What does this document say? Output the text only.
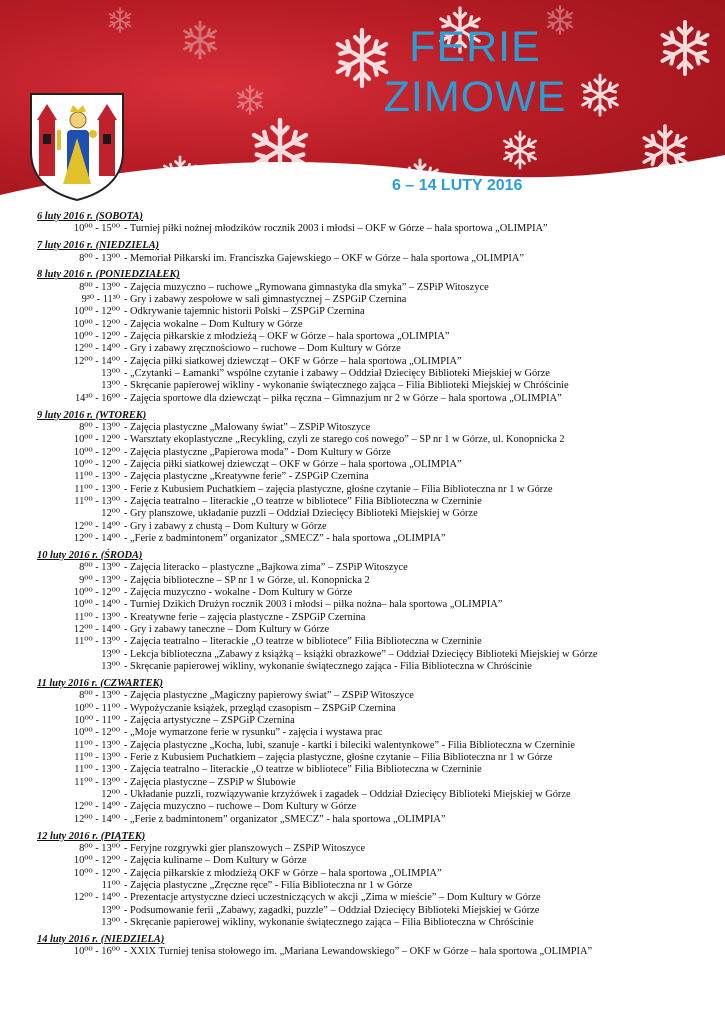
FERIE
ZIMOWE
6 – 14 LUTY 2016
6 luty 2016 r. (SOBOTA)
10⁰⁰ - 15⁰⁰ - Turniej piłki nożnej młodzików rocznik 2003 i młodsi – OKF w Górze – hala sportowa „OLIMPIA”
7 luty 2016 r. (NIEDZIELA)
8⁰⁰ - 13⁰⁰ - Memoriał Piłkarski im. Franciszka Gajewskiego – OKF w Górze – hala sportowa „OLIMPIA”
8 luty 2016 r. (PONIEDZIAŁEK)
8⁰⁰ - 13⁰⁰ - Zajęcia muzyczno – ruchowe „Rymowana gimnastyka dla smyka” – ZSPiP Witoszyce
9³⁰ - 11³⁰ - Gry i zabawy zespołowe w sali gimnastycznej – ZSPGiP Czernina
10⁰⁰ - 12⁰⁰ - Odkrywanie tajemnic historii Polski – ZSPGiP Czernina
10⁰⁰ - 12⁰⁰ - Zajęcia wokalne – Dom Kultury w Górze
10⁰⁰ - 12⁰⁰ - Zajęcia piłkarskie z młodzieżą – OKF w Górze – hala sportowa „OLIMPIA”
12⁰⁰ - 14⁰⁰ - Gry i zabawy zręcznościowo – ruchowe – Dom Kultury w Górze
12⁰⁰ - 14⁰⁰ - Zajęcia piłki siatkowej dziewcząt – OKF w Górze – hala sportowa „OLIMPIA”
13⁰⁰ - „Czytanki – Łamanki” wspólne czytanie i zabawy – Oddział Dziecięcy Biblioteki Miejskiej w Górze
13⁰⁰ - Skręcanie papierowej wikliny - wykonanie świątecznego zająca – Filia Biblioteki Miejskiej w Chróścinie
14³⁰ - 16⁰⁰ - Zajęcia sportowe dla dziewcząt – piłka ręczna – Gimnazjum nr 2 w Górze – hala sportowa „OLIMPIA”
9 luty 2016 r. (WTOREK)
8⁰⁰ - 13⁰⁰ - Zajęcia plastyczne „Malowany świat” – ZSPiP Witoszyce
10⁰⁰ - 12⁰⁰ - Warsztaty ekoplastyczne „Recykling, czyli ze starego coś nowego” – SP nr 1 w Górze, ul. Konopnicka 2
10⁰⁰ - 12⁰⁰ - Zajęcia plastyczne „Papierowa moda” - Dom Kultury w Górze
10⁰⁰ - 12⁰⁰ - Zajęcia piłki siatkowej dziewcząt – OKF w Górze – hala sportowa „OLIMPIA”
11⁰⁰ - 13⁰⁰ - Zajęcia plastyczne „Kreatywne ferie” - ZSPGiP Czernina
11⁰⁰ - 13⁰⁰ - Ferie z Kubusiem Puchatkiem – zajęcia plastyczne, głośne czytanie – Filia Biblioteczna nr 1 w Górze
11⁰⁰ - 13⁰⁰ - Zajęcia teatralno – literackie „O teatrze w bibliotece” Filia Biblioteczna w Czerninie
12⁰⁰ - Gry planszowe, układanie puzzli – Oddział Dziecięcy Biblioteki Miejskiej w Górze
12⁰⁰ - 14⁰⁰ - Gry i zabawy z chustą – Dom Kultury w Górze
12⁰⁰ - 14⁰⁰ - „Ferie z badmintonem” organizator „SMECZ” - hala sportowa „OLIMPIA”
10 luty 2016 r. (ŚRODA)
8⁰⁰ - 13⁰⁰ - Zajęcia literacko – plastyczne „Bajkowa zima” – ZSPiP Witoszyce
9⁰⁰ - 13⁰⁰ - Zajęcia biblioteczne – SP nr 1 w Górze, ul. Konopnicka 2
10⁰⁰ - 12⁰⁰ - Zajęcia muzyczno - wokalne - Dom Kultury w Górze
10⁰⁰ - 14⁰⁰ - Turniej Dzikich Drużyn rocznik 2003 i młodsi – piłka nożna– hala sportowa „OLIMPIA”
11⁰⁰ - 13⁰⁰ - Kreatywne ferie – zajęcia plastyczne - ZSPGiP Czernina
12⁰⁰ - 14⁰⁰ - Gry i zabawy taneczne – Dom Kultury w Górze
11⁰⁰ - 13⁰⁰ - Zajęcia teatralno – literackie „O teatrze w bibliotece” Filia Biblioteczna w Czerninie
13⁰⁰ - Lekcja biblioteczna „Zabawy z książką – książki obrazkowe” – Oddział Dziecięcy Biblioteki Miejskiej w Górze
13⁰⁰ - Skręcanie papierowej wikliny, wykonanie świątecznego zająca - Filia Biblioteczna w Chróścinie
11 luty 2016 r. (CZWARTEK)
8⁰⁰ - 13⁰⁰ - Zajęcia plastyczne „Magiczny papierowy świat” – ZSPiP Witoszyce
10⁰⁰ - 11⁰⁰ - Wypożyczanie książek, przegląd czasopism – ZSPGiP Czernina
10⁰⁰ - 11⁰⁰ - Zajęcia artystyczne – ZSPGiP Czernina
10⁰⁰ - 12⁰⁰ - „Moje wymarzone ferie w rysunku” - zajęcia i wystawa prac
11⁰⁰ - 13⁰⁰ - Zajęcia plastyczne „Kocha, lubi, szanuje - kartki i bileciki walentynkowe” - Filia Biblioteczna w Czerninie
11⁰⁰ - 13⁰⁰ - Ferie z Kubusiem Puchatkiem – zajęcia plastyczne, głośne czytanie – Filia Biblioteczna nr 1 w Górze
11⁰⁰ - 13⁰⁰ - Zajęcia teatralno – literackie „O teatrze w bibliotece” Filia Biblioteczna w Czerninie
11⁰⁰ - 13⁰⁰ - Zajęcia plastyczne – ZSPiP w Ślubowie
12⁰⁰ - Układanie puzzli, rozwiązywanie krzyżówek i zagadek – Oddział Dziecięcy Biblioteki Miejskiej w Górze
12⁰⁰ - 14⁰⁰ - Zajęcia muzyczno – ruchowe – Dom Kultury w Górze
12⁰⁰ - 14⁰⁰ - „Ferie z badmintonem” organizator „SMECZ” - hala sportowa „OLIMPIA”
12 luty 2016 r. (PIĄTEK)
8⁰⁰ - 13⁰⁰ - Feryjne rozgrywki gier planszowych – ZSPiP Witoszyce
10⁰⁰ - 12⁰⁰ - Zajęcia kulinarne – Dom Kultury w Górze
10⁰⁰ - 12⁰⁰ - Zajęcia piłkarskie z młodzieżą OKF w Górze – hala sportowa „OLIMPIA”
11⁰⁰ - Zajęcia plastyczne „Zręczne ręce” - Filia Biblioteczna nr 1 w Górze
12⁰⁰ - 14⁰⁰ - Prezentacje artystyczne dzieci uczestniczących w akcji „Zima w mieście” – Dom Kultury w Górze
13⁰⁰ - Podsumowanie ferii „Zabawy, zagadki, puzzle” – Oddział Dziecięcy Biblioteki Miejskiej w Górze
13⁰⁰ - Skręcanie papierowej wikliny, wykonanie świątecznego zająca – Filia Biblioteczna w Chróścinie
14 luty 2016 r. (NIEDZIELA)
10⁰⁰ - 16⁰⁰ - XXIX Turniej tenisa stołowego im. „Mariana Lewandowskiego” – OKF w Górze – hala sportowa „OLIMPIA”
